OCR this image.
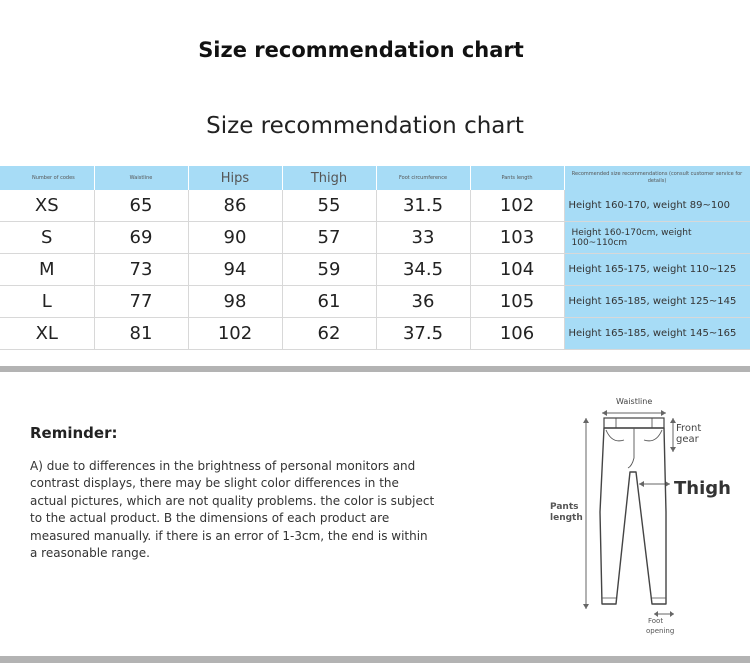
Size recommendation chart
Size recommendation chart
Number of codes	Waistline	Hips	Thigh	Foot circumference	Pants length	Recommended size recommendations (consult customer service for details)
XS	65	86	55	31.5	102	Height 160-170, weight 89~100
S	69	90	57	33	103	Height 160-170cm, weight 100~110cm
M	73	94	59	34.5	104	Height 165-175, weight 110~125
L	77	98	61	36	105	Height 165-185, weight 125~145
XL	81	102	62	37.5	106	Height 165-185, weight 145~165
Reminder:
A) due to differences in the brightness of personal monitors and contrast displays, there may be slight color differences in the actual pictures, which are not quality problems. the color is subject to the actual product. B the dimensions of each product are measured manually. if there is an error of 1-3cm, the end is within a reasonable range.
Waistline
Front
gear
Thigh
Pants
length
Foot
opening
